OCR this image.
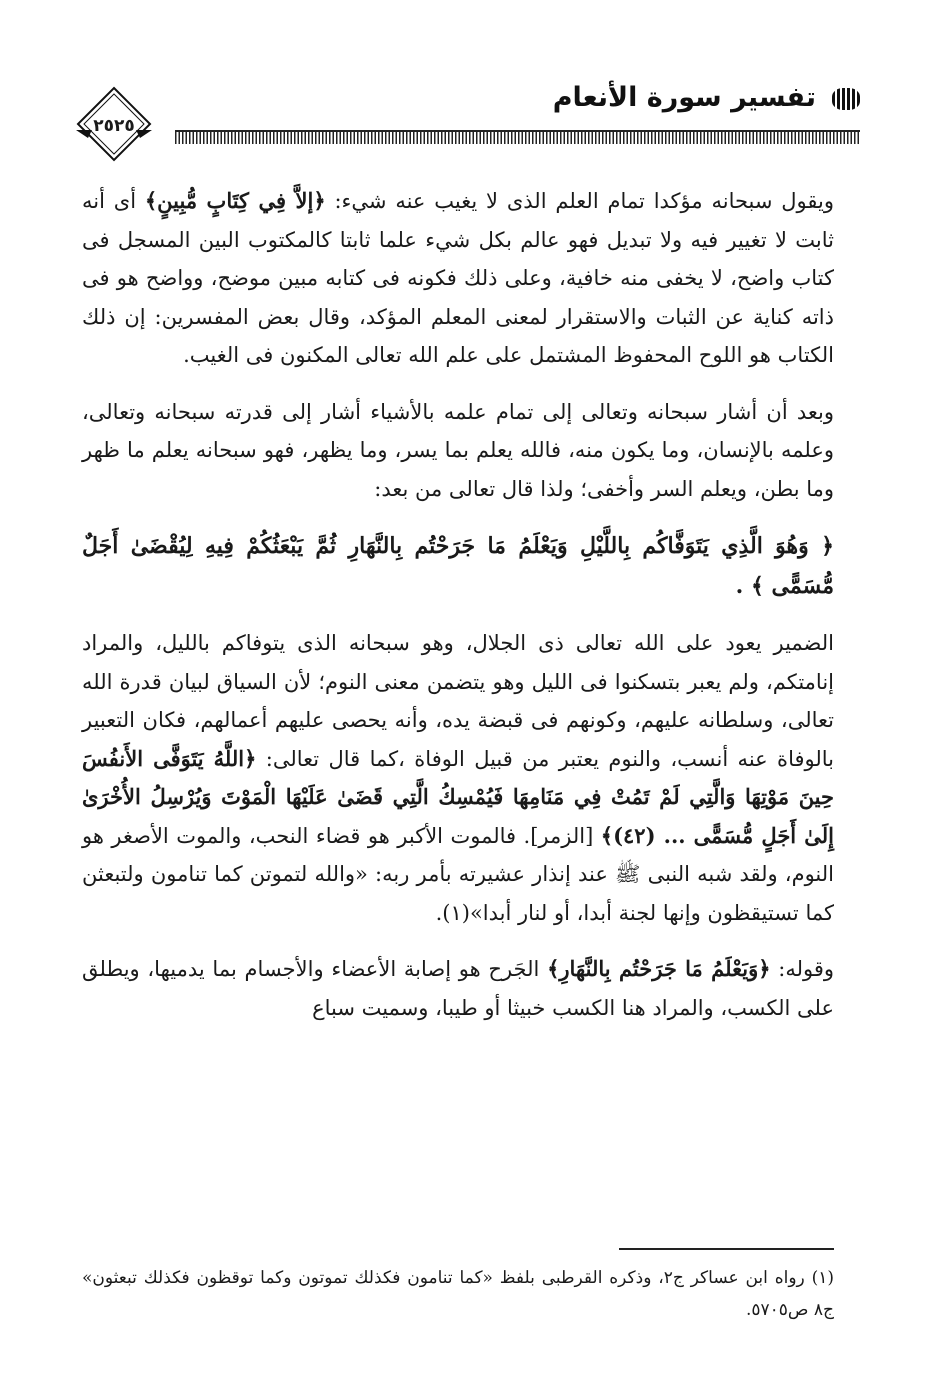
تفسير سورة الأنعام
٢٥٢٥

ويقول سبحانه مؤكدا تمام العلم الذى لا يغيب عنه شيء: ﴿إلاَّ فِي كِتَابٍ مُّبِينٍ﴾ أى أنه ثابت لا تغيير فيه ولا تبديل فهو عالم بكل شيء علما ثابتا كالمكتوب البين المسجل فى كتاب واضح، لا يخفى منه خافية، وعلى ذلك فكونه فى كتابه مبين موضح، وواضح هو فى ذاته كناية عن الثبات والاستقرار لمعنى المعلم المؤكد، وقال بعض المفسرين: إن ذلك الكتاب هو اللوح المحفوظ المشتمل على علم الله تعالى المكنون فى الغيب.

وبعد أن أشار سبحانه وتعالى إلى تمام علمه بالأشياء أشار إلى قدرته سبحانه وتعالى، وعلمه بالإنسان، وما يكون منه، فالله يعلم بما يسر، وما يظهر، فهو سبحانه يعلم ما ظهر وما بطن، ويعلم السر وأخفى؛ ولذا قال تعالى من بعد:

﴿ وَهُوَ الَّذِي يَتَوَفَّاكُم بِاللَّيْلِ وَيَعْلَمُ مَا جَرَحْتُم بِالنَّهَارِ ثُمَّ يَبْعَثُكُمْ فِيهِ لِيُقْضَىٰ أَجَلٌ مُّسَمًّى ﴾ .

الضمير يعود على الله تعالى ذى الجلال، وهو سبحانه الذى يتوفاكم بالليل، والمراد إنامتكم، ولم يعبر بتسكنوا فى الليل وهو يتضمن معنى النوم؛ لأن السياق لبيان قدرة الله تعالى، وسلطانه عليهم، وكونهم فى قبضة يده، وأنه يحصى عليهم أعمالهم، فكان التعبير بالوفاة عنه أنسب، والنوم يعتبر من قبيل الوفاة ،كما قال تعالى: ﴿اللَّهُ يَتَوَفَّى الأَنفُسَ حِينَ مَوْتِهَا وَالَّتِي لَمْ تَمُتْ فِي مَنَامِهَا فَيُمْسِكُ الَّتِي قَضَىٰ عَلَيْهَا الْمَوْتَ وَيُرْسِلُ الأُخْرَىٰ إِلَىٰ أَجَلٍ مُّسَمًّى ... (٤٢)﴾ [الزمر]. فالموت الأكبر هو قضاء النحب، والموت الأصغر هو النوم، ولقد شبه النبى ﷺ عند إنذار عشيرته بأمر ربه: «والله لتموتن كما تنامون ولتبعثن كما تستيقظون وإنها لجنة أبدا، أو لنار أبدا»(١).

وقوله: ﴿وَيَعْلَمُ مَا جَرَحْتُم بِالنَّهَارِ﴾ الجَرح هو إصابة الأعضاء والأجسام بما يدميها، ويطلق على الكسب، والمراد هنا الكسب خبيثا أو طيبا، وسميت سباع

(١) رواه ابن عساكر ج٢، وذكره القرطبى بلفظ «كما تنامون فكذلك تموتون وكما توقظون فكذلك تبعثون» ج٨ ص٥٧٠٥.
